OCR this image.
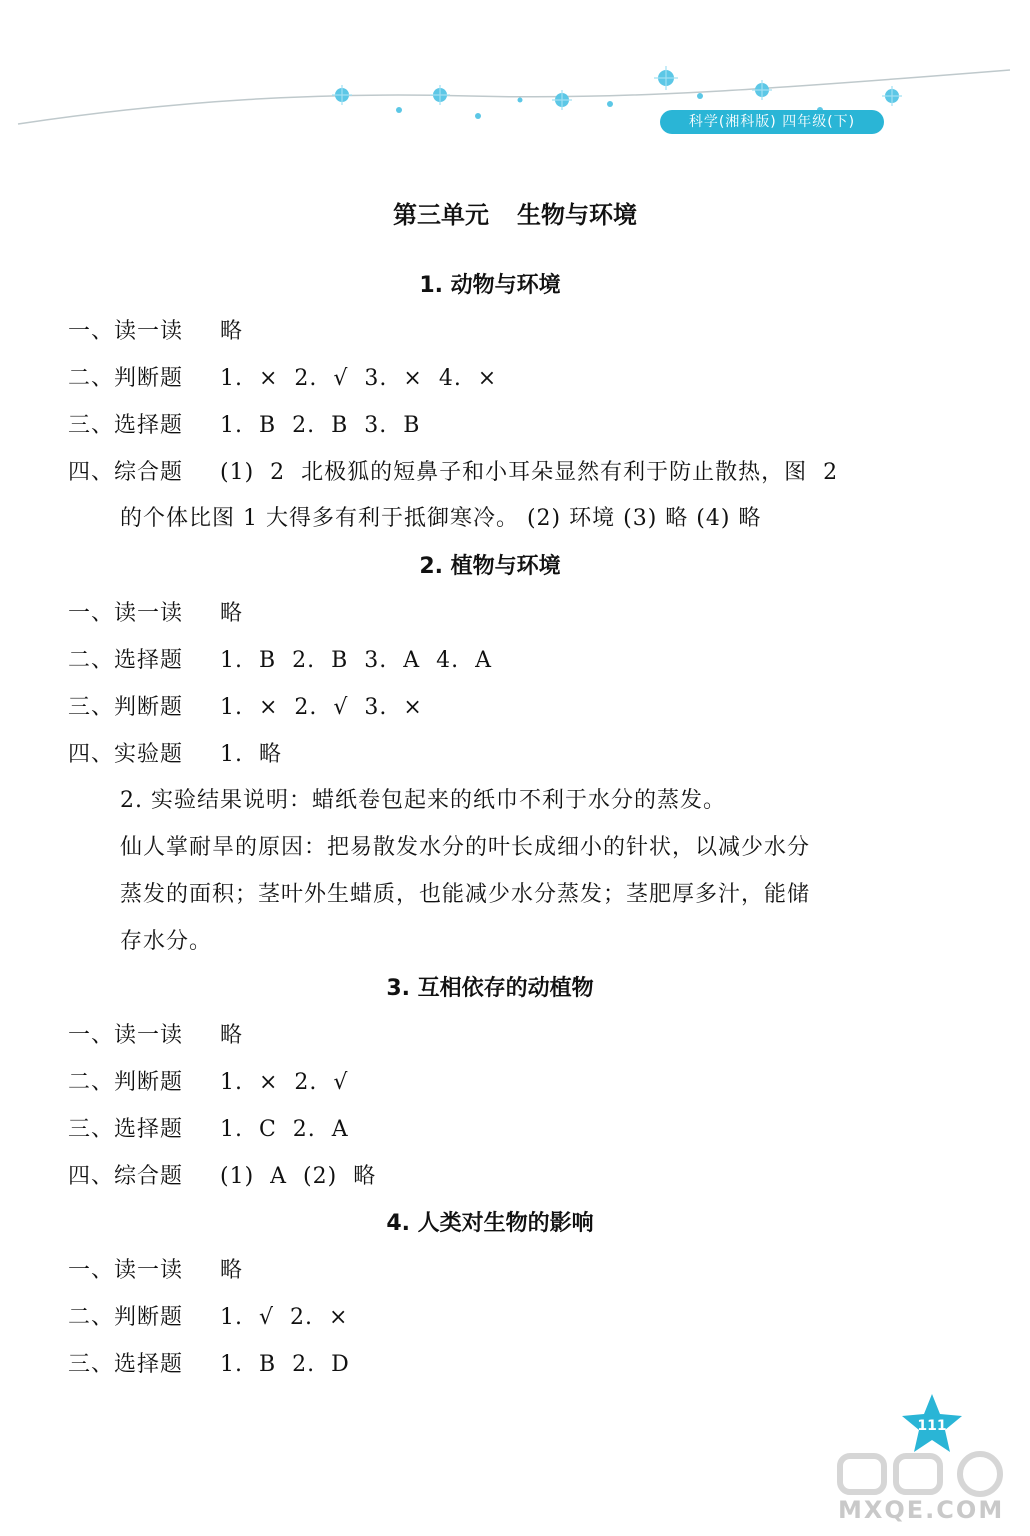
科学(湘科版) 四年级(下)
第三单元 生物与环境
1. 动物与环境
一、读一读 略
二、判断题 1. × 2. √ 3. × 4. ×
三、选择题 1. B 2. B 3. B
四、综合题 (1) 2 北极狐的短鼻子和小耳朵显然有利于防止散热，图 2
的个体比图 1 大得多有利于抵御寒冷。 (2) 环境 (3) 略 (4) 略
2. 植物与环境
一、读一读 略
二、选择题 1. B 2. B 3. A 4. A
三、判断题 1. × 2. √ 3. ×
四、实验题 1. 略
2. 实验结果说明：蜡纸卷包起来的纸巾不利于水分的蒸发。
仙人掌耐旱的原因：把易散发水分的叶长成细小的针状，以减少水分
蒸发的面积；茎叶外生蜡质，也能减少水分蒸发；茎肥厚多汁，能储
存水分。
3. 互相依存的动植物
一、读一读 略
二、判断题 1. × 2. √
三、选择题 1. C 2. A
四、综合题 (1) A (2) 略
4. 人类对生物的影响
一、读一读 略
二、判断题 1. √ 2. ×
三、选择题 1. B 2. D
111
MXQE.COM
